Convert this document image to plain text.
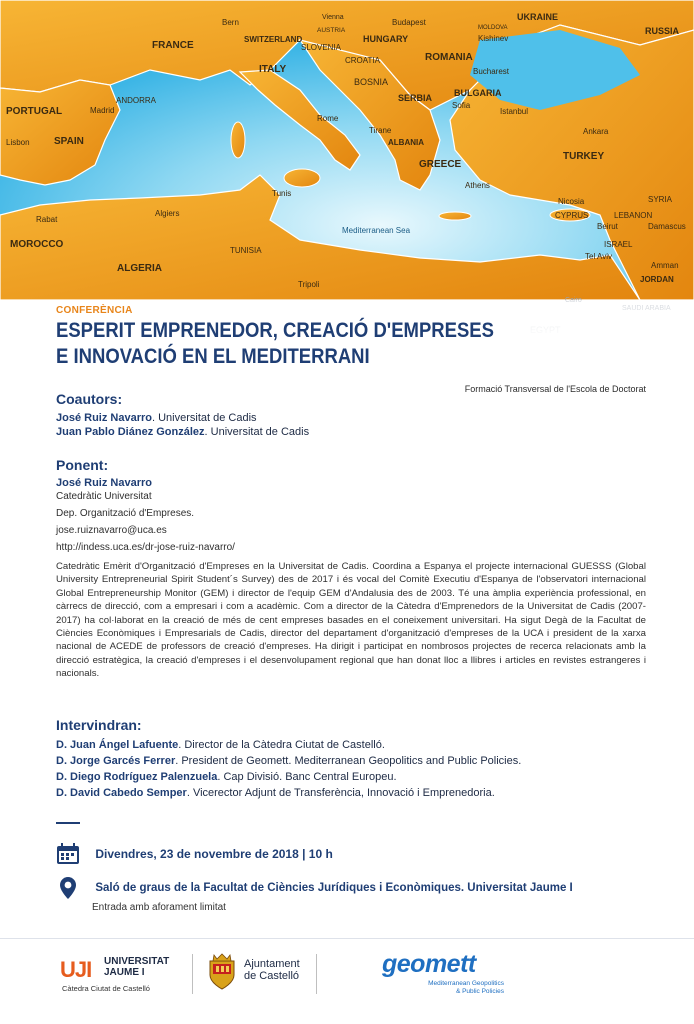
UKRAINE
Bern
Vienna
Budapest
MOLDOVA	RUSSIA
FRANCE
SWITZERLAND
AUSTRIA
SLOVENIA
HUNGARY	Kishinev
CROATIA	ROMANIA
ITALY
BOSNIA
Bucharest
ANDORRA
PORTUGAL	Madrid
SERBIA BULGARIA
Sofia
Rome
Istanbul
Lisbon SPAIN
Tirane
ALBANIA
Ankara
GREECE
TURKEY
Athens
Tunis
Nicosia	SYRIA
Rabat
Algiers	CYPRUS	LEBANON
Beirut	Damascus
Mediterranean Sea
MOROCCO	ISRAEL
TUNISIA
Tel Aviv
Amman
ALGERIA
JORDAN
Tripoli
CONFERÈNCIA
ESPERIT EMPRENEDOR, CREACIÓ D'EMPRESES
E INNOVACIÓ EN EL MEDITERRANI
Formació Transversal de l'Escola de Doctorat
Coautors:

José Ruiz Navarro. Universitat de Cadis

Juan Pablo Diánez González. Universitat de Cadis

Ponent:

José Ruiz Navarro

Catedràtic Universitat

Dep. Organització d'Empreses.

jose.ruiznavarro@uca.es

http://indess.uca.es/dr-jose-ruiz-navarro/

Catedràtic Emèrit d'Organització d'Empreses en la Universitat de Cadis. Coordina a Espanya el projecte internacional GUESSS (Global University Entrepreneurial Spirit Student´s Survey) des de 2017 i és vocal del Comitè Executiu d'Espanya de l'observatori internacional Global Entrepreneurship Monitor (GEM) i director de l'equip GEM d'Andalusia des de 2003. Té una àmplia experiència professional, en càrrecs de direcció, com a empresari i com a acadèmic. Com a director de la Càtedra d'Emprenedors de la Universitat de Cadis (2007-2017) ha col·laborat en la creació de més de cent empreses basades en el coneixement universitari. Ha sigut Degà de la Facultat de Ciències Econòmiques i Empresarials de Cadis, director del departament d'organització d'empreses de la UCA i president de la xarxa nacional de ACEDE de professors de creació d'empreses. Ha dirigit i participat en nombrosos projectes de recerca relacionats amb la direcció estratègica, la creació d'empreses i el desenvolupament regional que han donat lloc a llibres i articles en revistes estrangeres i nacionals.

Intervindran:

D. Juan Ángel Lafuente. Director de la Càtedra Ciutat de Castelló.

D. Jorge Garcés Ferrer. President de Geomett. Mediterranean Geopolitics and Public Policies.

D. Diego Rodríguez Palenzuela. Cap Divisió. Banc Central Europeu.

D. David Cabedo Semper. Vicerector Adjunt de Transferència, Innovació i Emprenedoria.

Divendres, 23 de novembre de 2018 | 10 h
Saló de graus de la Facultat de Ciències Jurídiques i Econòmiques. Universitat Jaume I
Entrada amb aforament limitat
UJI UNIVERSITAT
JAUME I
Càtedra Ciutat de Castelló
Ajuntament
de Castelló	geomett
Mediterranean Geopolitics
& Public Policies
